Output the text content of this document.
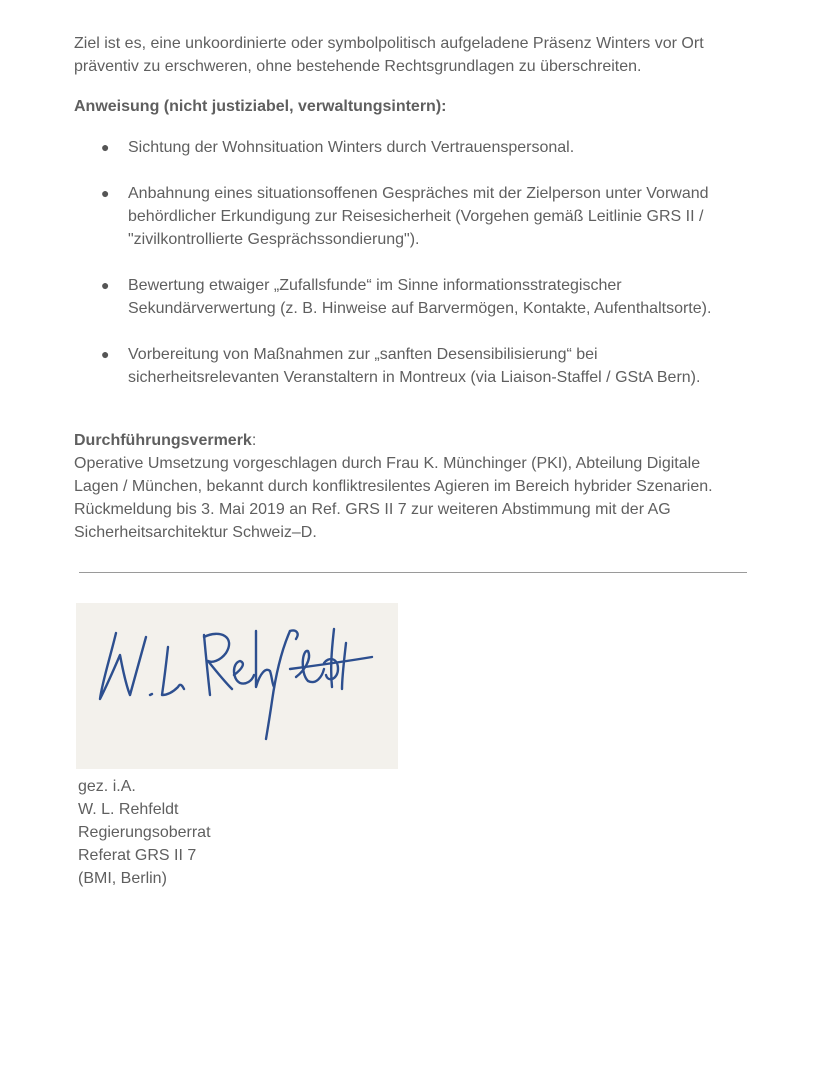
Ziel ist es, eine unkoordinierte oder symbolpolitisch aufgeladene Präsenz Winters vor Ort präventiv zu erschweren, ohne bestehende Rechtsgrundlagen zu überschreiten.

Anweisung (nicht justiziabel, verwaltungsintern):
● Sichtung der Wohnsituation Winters durch Vertrauenspersonal.
● Anbahnung eines situationsoffenen Gespräches mit der Zielperson unter Vorwand behördlicher Erkundigung zur Reisesicherheit (Vorgehen gemäß Leitlinie GRS II / "zivilkontrollierte Gesprächssondierung").
● Bewertung etwaiger „Zufallsfunde“ im Sinne informationsstrategischer Sekundärverwertung (z. B. Hinweise auf Barvermögen, Kontakte, Aufenthaltsorte).
● Vorbereitung von Maßnahmen zur „sanften Desensibilisierung“ bei sicherheitsrelevanten Veranstaltern in Montreux (via Liaison-Staffel / GStA Bern).
Durchführungsvermerk:
Operative Umsetzung vorgeschlagen durch Frau K. Münchinger (PKI), Abteilung Digitale Lagen / München, bekannt durch konfliktresilentes Agieren im Bereich hybrider Szenarien. Rückmeldung bis 3. Mai 2019 an Ref. GRS II 7 zur weiteren Abstimmung mit der AG Sicherheitsarchitektur Schweiz–D.
gez. i.A.
W. L. Rehfeldt
Regierungsoberrat
Referat GRS II 7
(BMI, Berlin)
